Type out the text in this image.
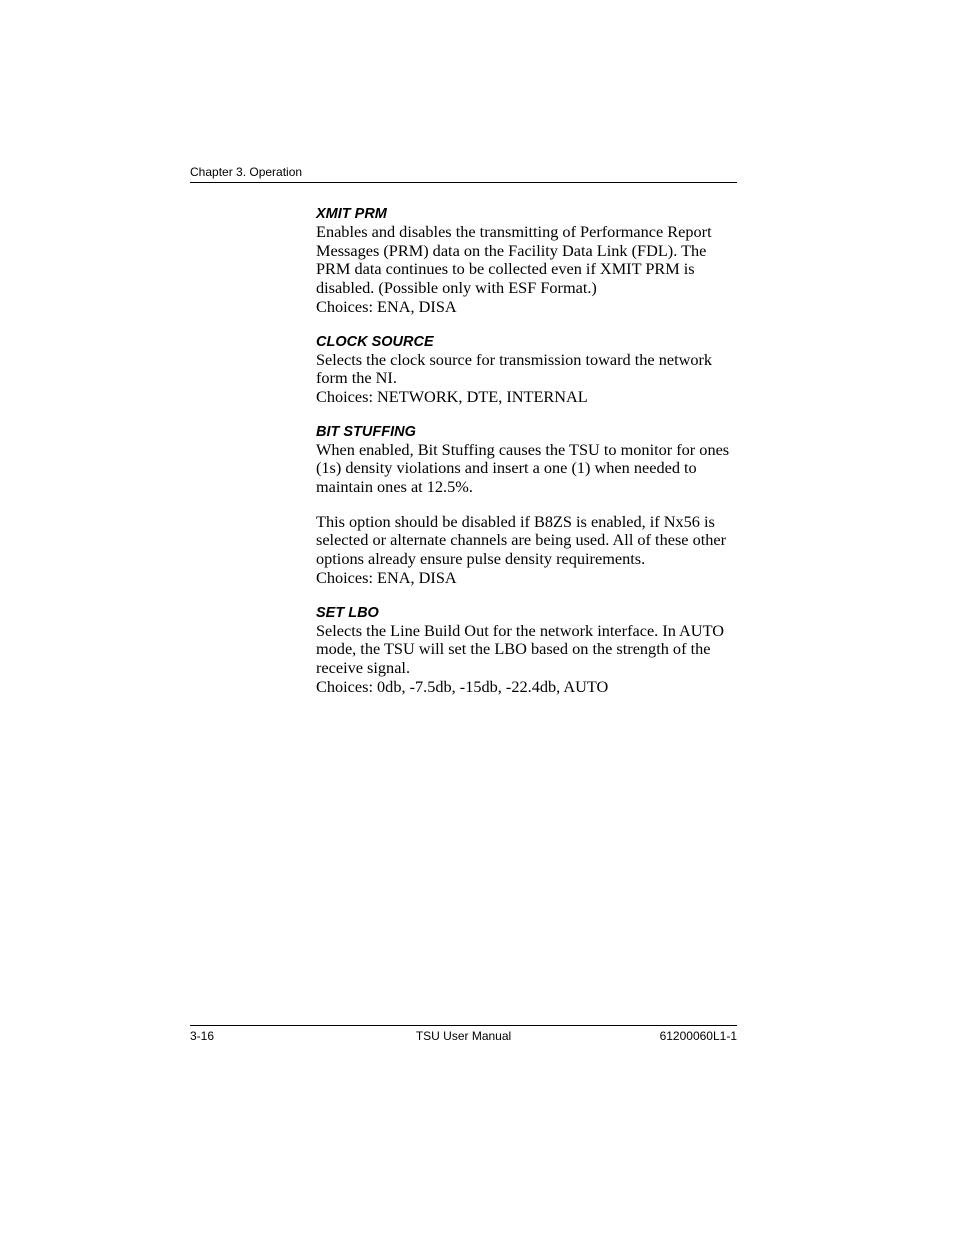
Chapter 3. Operation
XMIT PRM

Enables and disables the transmitting of Performance Report Messages (PRM) data on the Facility Data Link (FDL). The PRM data continues to be collected even if XMIT PRM is disabled. (Possible only with ESF Format.)

Choices: ENA, DISA

CLOCK SOURCE

Selects the clock source for transmission toward the network form the NI.

Choices: NETWORK, DTE, INTERNAL

BIT STUFFING

When enabled, Bit Stuffing causes the TSU to monitor for ones (1s) density violations and insert a one (1) when needed to maintain ones at 12.5%.

This option should be disabled if B8ZS is enabled, if Nx56 is selected or alternate channels are being used. All of these other options already ensure pulse density requirements.

Choices: ENA, DISA

SET LBO

Selects the Line Build Out for the network interface. In AUTO mode, the TSU will set the LBO based on the strength of the receive signal.

Choices: 0db, -7.5db, -15db, -22.4db, AUTO

3-16	TSU User Manual	61200060L1-1
